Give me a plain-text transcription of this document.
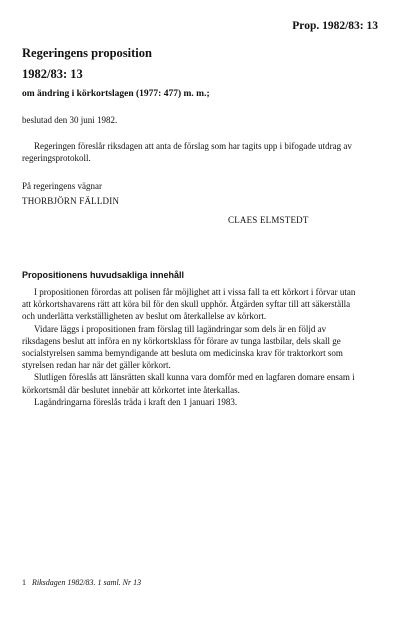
Prop. 1982/83: 13
Regeringens proposition
1982/83: 13
om ändring i körkortslagen (1977: 477) m. m.;
beslutad den 30 juni 1982.

Regeringen föreslår riksdagen att anta de förslag som har tagits upp i bifogade utdrag av regeringsprotokoll.

På regeringens vägnar
THORBJÖRN FÄLLDIN
CLAES ELMSTEDT
Propositionens huvudsakliga innehåll

I propositionen förordas att polisen får möjlighet att i vissa fall ta ett körkort i förvar utan att körkortshavarens rätt att köra bil för den skull upphör. Åtgärden syftar till att säkerställa och underlätta verkställigheten av beslut om återkallelse av körkort.

Vidare läggs i propositionen fram förslag till lagändringar som dels är en följd av riksdagens beslut att införa en ny körkortsklass för förare av tunga lastbilar, dels skall ge socialstyrelsen samma bemyndigande att besluta om medicinska krav för traktorkort som styrelsen redan har när det gäller körkort.

Slutligen föreslås att länsrätten skall kunna vara domför med en lagfaren domare ensam i körkortsmål där beslutet innebär att körkortet inte återkallas.

Lagändringarna föreslås träda i kraft den 1 januari 1983.

1 Riksdagen 1982/83. 1 saml. Nr 13
